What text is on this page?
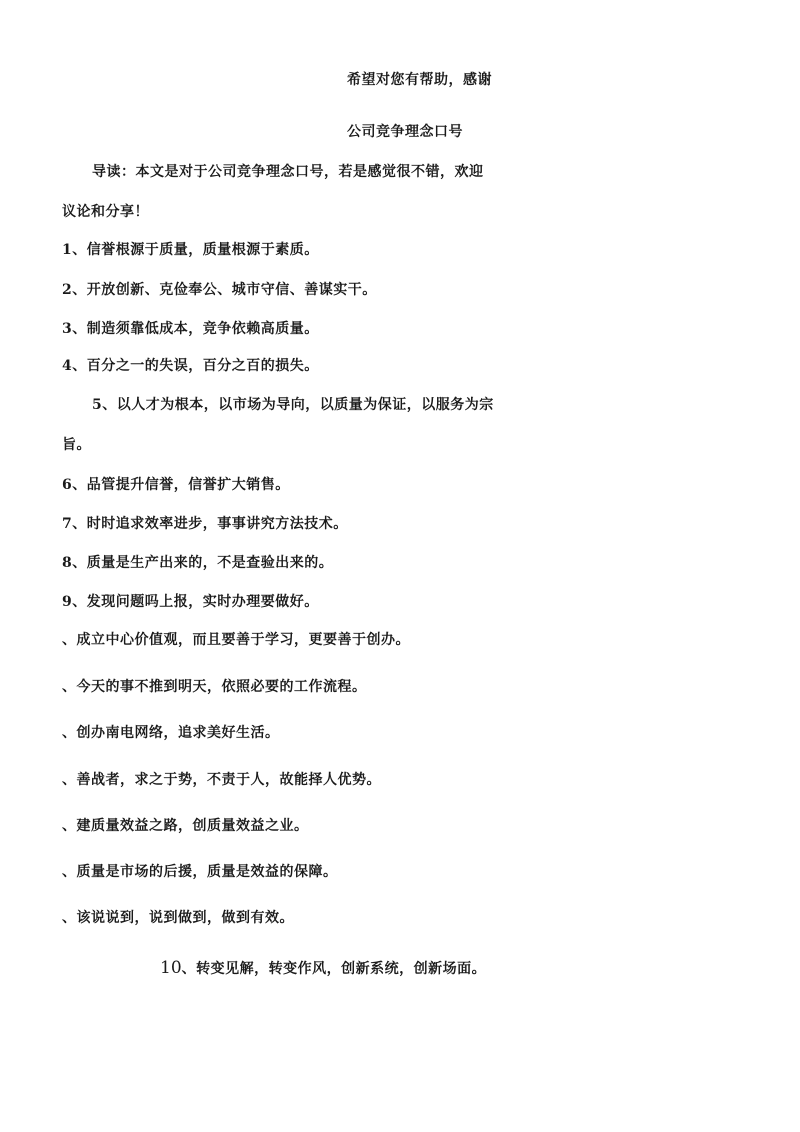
希望对您有帮助，感谢
公司竞争理念口号
导读：本文是对于公司竞争理念口号，若是感觉很不错，欢迎
议论和分享！
1、信誉根源于质量，质量根源于素质。
2、开放创新、克俭奉公、城市守信、善谋实干。
3、制造须靠低成本，竞争依赖高质量。
4、百分之一的失误，百分之百的损失。
5、以人才为根本，以市场为导向，以质量为保证，以服务为宗
旨。
6、品管提升信誉，信誉扩大销售。
7、时时追求效率进步，事事讲究方法技术。
8、质量是生产出来的，不是查验出来的。
9、发现问题吗上报，实时办理要做好。
、成立中心价值观，而且要善于学习，更要善于创办。
、今天的事不推到明天，依照必要的工作流程。
、创办南电网络，追求美好生活。
、善战者，求之于势，不责于人，故能择人优势。
、建质量效益之路，创质量效益之业。
、质量是市场的后援，质量是效益的保障。
、该说说到，说到做到，做到有效。
10、转变见解，转变作风，创新系统，创新场面。
